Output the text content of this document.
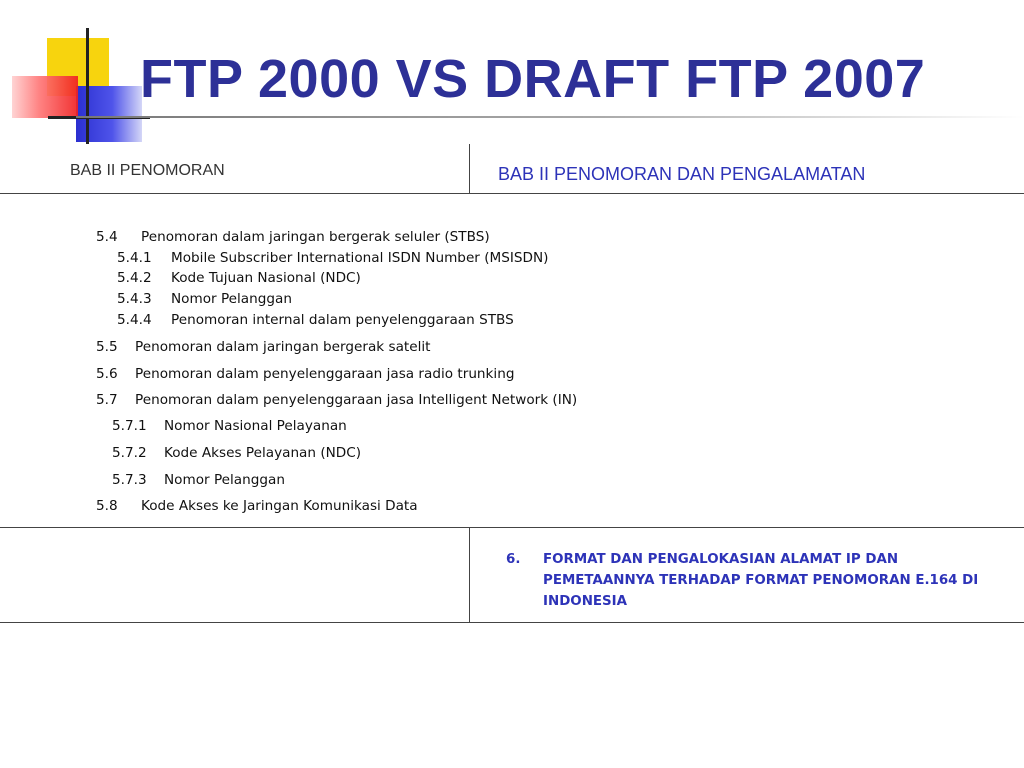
FTP 2000 VS DRAFT FTP 2007
BAB II PENOMORAN	BAB II PENOMORAN DAN PENGALAMATAN
5.4 Penomoran dalam jaringan bergerak seluler (STBS)
5.4.1 Mobile Subscriber International ISDN Number (MSISDN)
5.4.2 Kode Tujuan Nasional (NDC)
5.4.3 Nomor Pelanggan
5.4.4 Penomoran internal dalam penyelenggaraan STBS
5.5 Penomoran dalam jaringan bergerak satelit
5.6 Penomoran dalam penyelenggaraan jasa radio trunking
5.7 Penomoran dalam penyelenggaraan jasa Intelligent Network (IN)
5.7.1 Nomor Nasional Pelayanan
5.7.2 Kode Akses Pelayanan (NDC)
5.7.3 Nomor Pelanggan
5.8 Kode Akses ke Jaringan Komunikasi Data
6. FORMAT DAN PENGALOKASIAN ALAMAT IP DAN PEMETAANNYA TERHADAP FORMAT PENOMORAN E.164 DI INDONESIA
